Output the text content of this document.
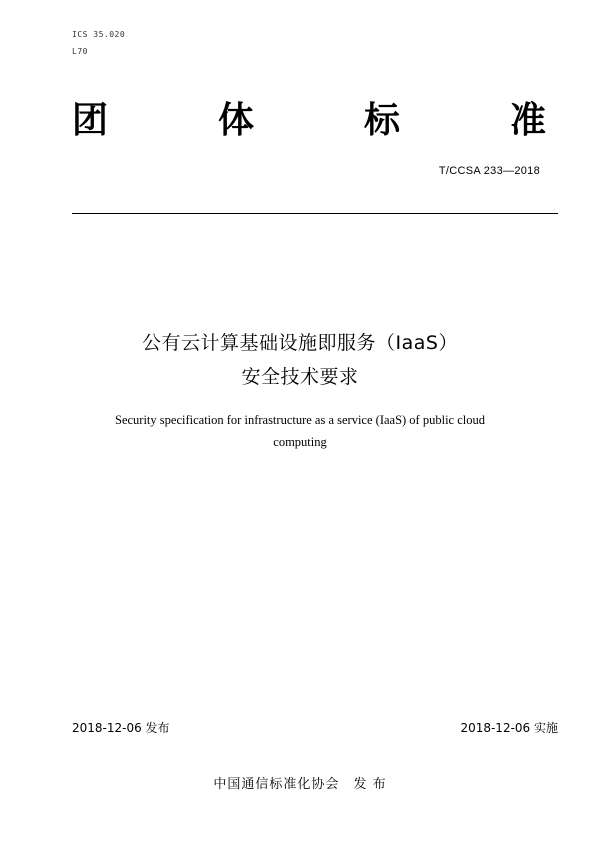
ICS 35.020
L70
团	体	标	准
T/CCSA 233—2018
公有云计算基础设施即服务（IaaS）
安全技术要求
Security specification for infrastructure as a service (IaaS) of public cloud
computing
2018-12-06 发布	2018-12-06 实施
中国通信标准化协会 发 布
